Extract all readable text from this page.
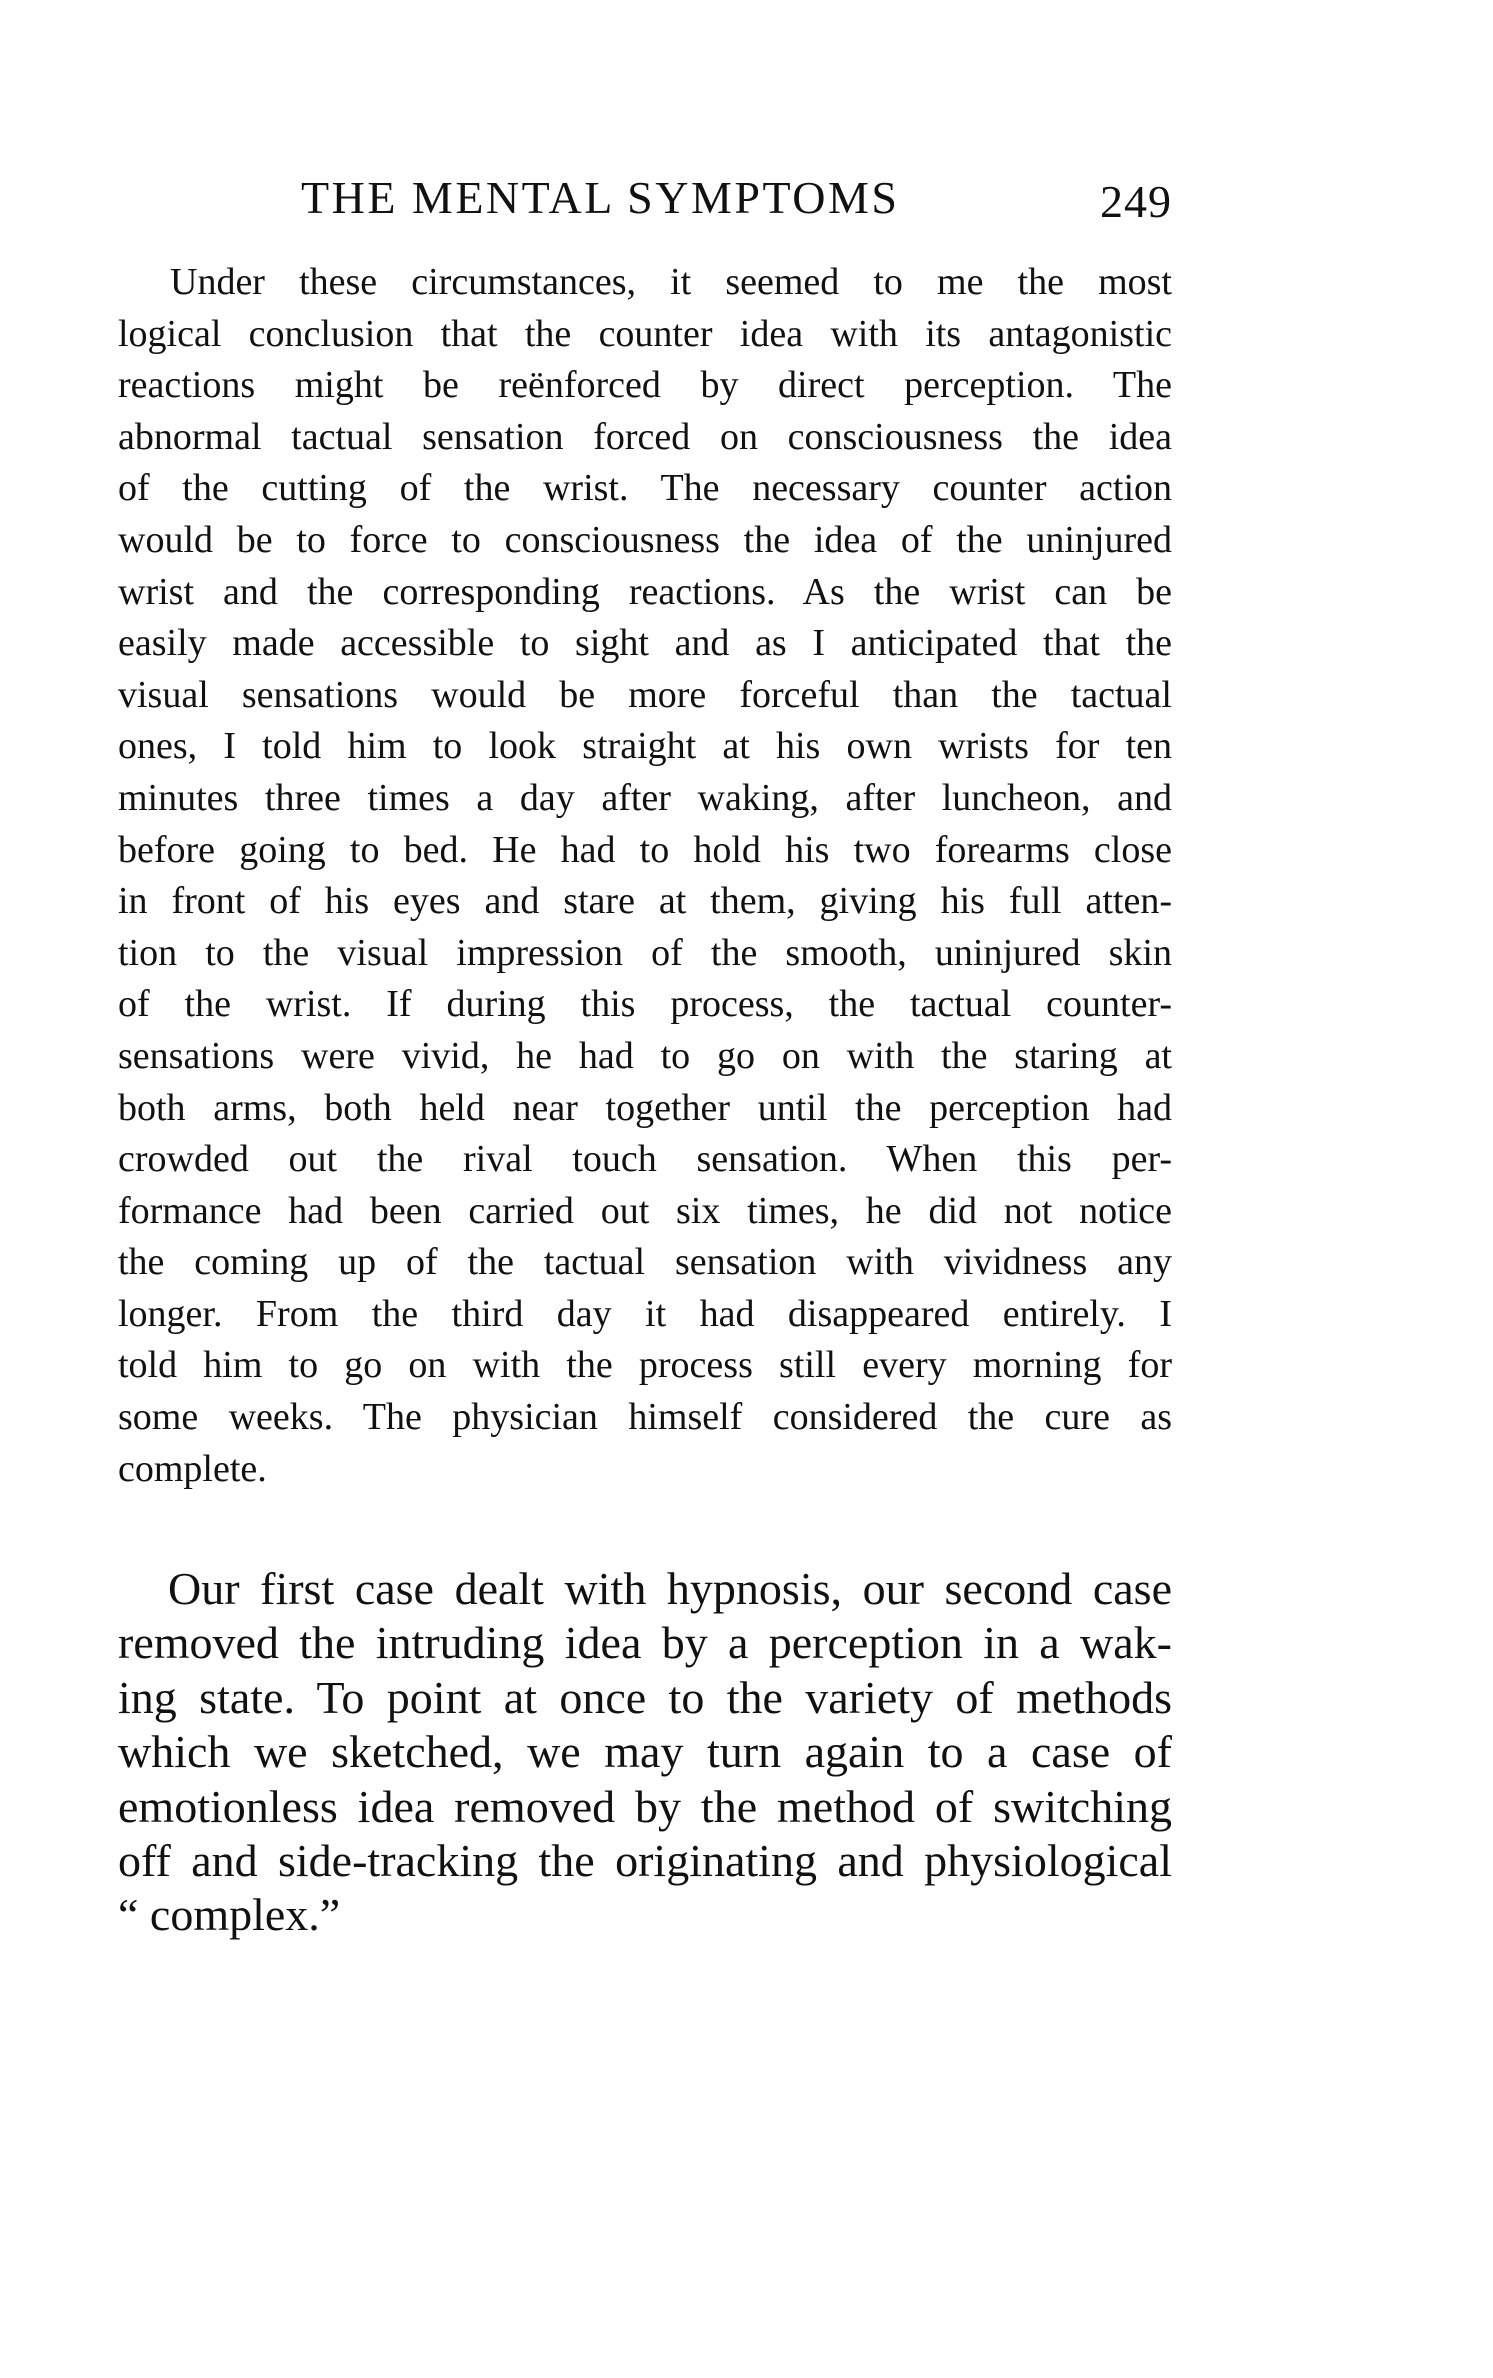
THE MENTAL SYMPTOMS	249
Under these circumstances, it seemed to me the most
logical conclusion that the counter idea with its antagonistic
reactions might be reënforced by direct perception. The
abnormal tactual sensation forced on consciousness the idea
of the cutting of the wrist. The necessary counter action
would be to force to consciousness the idea of the uninjured
wrist and the corresponding reactions. As the wrist can be
easily made accessible to sight and as I anticipated that the
visual sensations would be more forceful than the tactual
ones, I told him to look straight at his own wrists for ten
minutes three times a day after waking, after luncheon, and
before going to bed. He had to hold his two forearms close
in front of his eyes and stare at them, giving his full atten-
tion to the visual impression of the smooth, uninjured skin
of the wrist. If during this process, the tactual counter-
sensations were vivid, he had to go on with the staring at
both arms, both held near together until the perception had
crowded out the rival touch sensation. When this per-
formance had been carried out six times, he did not notice
the coming up of the tactual sensation with vividness any
longer. From the third day it had disappeared entirely. I
told him to go on with the process still every morning for
some weeks. The physician himself considered the cure as
complete.
Our first case dealt with hypnosis, our second case
removed the intruding idea by a perception in a wak-
ing state. To point at once to the variety of methods
which we sketched, we may turn again to a case of
emotionless idea removed by the method of switching
off and side-tracking the originating and physiological
“ complex.”
